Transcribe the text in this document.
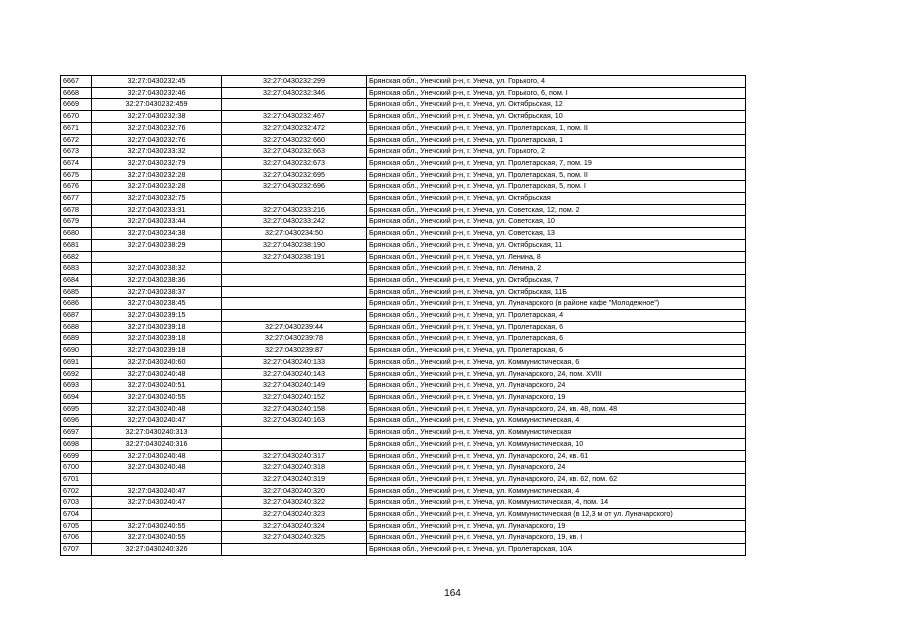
6667	32:27:0430232:45	32:27:0430232:299	Брянская обл., Унечский р-н, г. Унеча, ул. Горького, 4
6668	32:27:0430232:46	32:27:0430232:346	Брянская обл., Унечский р-н, г. Унеча, ул. Горького, 6, пом. I
6669	32:27:0430232:459		Брянская обл., Унечский р-н, г. Унеча, ул. Октябрьская, 12
6670	32:27:0430232:38	32:27:0430232:467	Брянская обл., Унечский р-н, г. Унеча, ул. Октябрьская, 10
6671	32:27:0430232:76	32:27:0430232:472	Брянская обл., Унечский р-н, г. Унеча, ул. Пролетарская, 1, пом. II
6672	32:27:0430232:76	32:27:0430232:660	Брянская обл., Унечский р-н, г. Унеча, ул. Пролетарская, 1
6673	32:27:0430233:32	32:27:0430232:663	Брянская обл., Унечский р-н, г. Унеча, ул. Горького, 2
6674	32:27:0430232:79	32:27:0430232:673	Брянская обл., Унечский р-н, г. Унеча, ул. Пролетарская, 7, пом. 19
6675	32:27:0430232:28	32:27:0430232:695	Брянская обл., Унечский р-н, г. Унеча, ул. Пролетарская, 5, пом. II
6676	32:27:0430232:28	32:27:0430232:696	Брянская обл., Унечский р-н, г. Унеча, ул. Пролетарская, 5, пом. I
6677	32:27:0430232:75		Брянская обл., Унечский р-н, г. Унеча, ул. Октябрьская
6678	32:27:0430233:31	32:27:0430233:216	Брянская обл., Унечский р-н, г. Унеча, ул. Советская, 12, пом. 2
6679	32:27:0430233:44	32:27:0430233:242	Брянская обл., Унечский р-н, г. Унеча, ул. Советская, 10
6680	32:27:0430234:38	32:27:0430234:50	Брянская обл., Унечский р-н, г. Унеча, ул. Советская, 13
6681	32:27:0430238:29	32:27:0430238:190	Брянская обл., Унечский р-н, г. Унеча, ул. Октябрьская, 11
6682		32:27:0430238:191	Брянская обл., Унечский р-н, г. Унеча, ул. Ленина, 8
6683	32:27:0430238:32		Брянская обл., Унечский р-н, г. Унеча, пл. Ленина, 2
6684	32:27:0430238:36		Брянская обл., Унечский р-н, г. Унеча, ул. Октябрьская, 7
6685	32:27:0430238:37		Брянская обл., Унечский р-н, г. Унеча, ул. Октябрьская, 11Б
6686	32:27:0430238:45		Брянская обл., Унечский р-н, г. Унеча, ул. Луначарского (в районе кафе "Молодежное")
6687	32:27:0430239:15		Брянская обл., Унечский р-н, г. Унеча, ул. Пролетарская, 4
6688	32:27:0430239:18	32:27:0430239:44	Брянская обл., Унечский р-н, г. Унеча, ул. Пролетарская, 6
6689	32:27:0430239:18	32:27:0430239:78	Брянская обл., Унечский р-н, г. Унеча, ул. Пролетарская, 6
6690	32:27:0430239:18	32:27:0430239:87	Брянская обл., Унечский р-н, г. Унеча, ул. Пролетарская, 6
6691	32:27:0430240:60	32:27:0430240:133	Брянская обл., Унечский р-н, г. Унеча, ул. Коммунистическая, 6
6692	32:27:0430240:48	32:27:0430240:143	Брянская обл., Унечский р-н, г. Унеча, ул. Луначарского, 24, пом. XVIII
6693	32:27:0430240:51	32:27:0430240:149	Брянская обл., Унечский р-н, г. Унеча, ул. Луначарского, 24
6694	32:27:0430240:55	32:27:0430240:152	Брянская обл., Унечский р-н, г. Унеча, ул. Луначарского, 19
6695	32:27:0430240:48	32:27:0430240:158	Брянская обл., Унечский р-н, г. Унеча, ул. Луначарского, 24, кв. 48, пом. 48
6696	32:27:0430240:47	32:27:0430240:163	Брянская обл., Унечский р-н, г. Унеча, ул. Коммунистическая, 4
6697	32:27:0430240:313		Брянская обл., Унечский р-н, г. Унеча, ул. Коммунистическая
6698	32:27:0430240:316		Брянская обл., Унечский р-н, г. Унеча, ул. Коммунистическая, 10
6699	32:27:0430240:48	32:27:0430240:317	Брянская обл., Унечский р-н, г. Унеча, ул. Луначарского, 24, кв. 61
6700	32:27:0430240:48	32:27:0430240:318	Брянская обл., Унечский р-н, г. Унеча, ул. Луначарского, 24
6701		32:27:0430240:319	Брянская обл., Унечский р-н, г. Унеча, ул. Луначарского, 24, кв. 62, пом. 62
6702	32:27:0430240:47	32:27:0430240:320	Брянская обл., Унечский р-н, г. Унеча, ул. Коммунистическая, 4
6703	32:27:0430240:47	32:27:0430240:322	Брянская обл., Унечский р-н, г. Унеча, ул. Коммунистическая, 4, пом. 14
6704		32:27:0430240:323	Брянская обл., Унечский р-н, г. Унеча, ул. Коммунистическая (в 12,3 м от ул. Луначарского)
6705	32:27:0430240:55	32:27:0430240:324	Брянская обл., Унечский р-н, г. Унеча, ул. Луначарского, 19
6706	32:27:0430240:55	32:27:0430240:325	Брянская обл., Унечский р-н, г. Унеча, ул. Луначарского, 19, кв. I
6707	32:27:0430240:326		Брянская обл., Унечский р-н, г. Унеча, ул. Пролетарская, 10А
164
